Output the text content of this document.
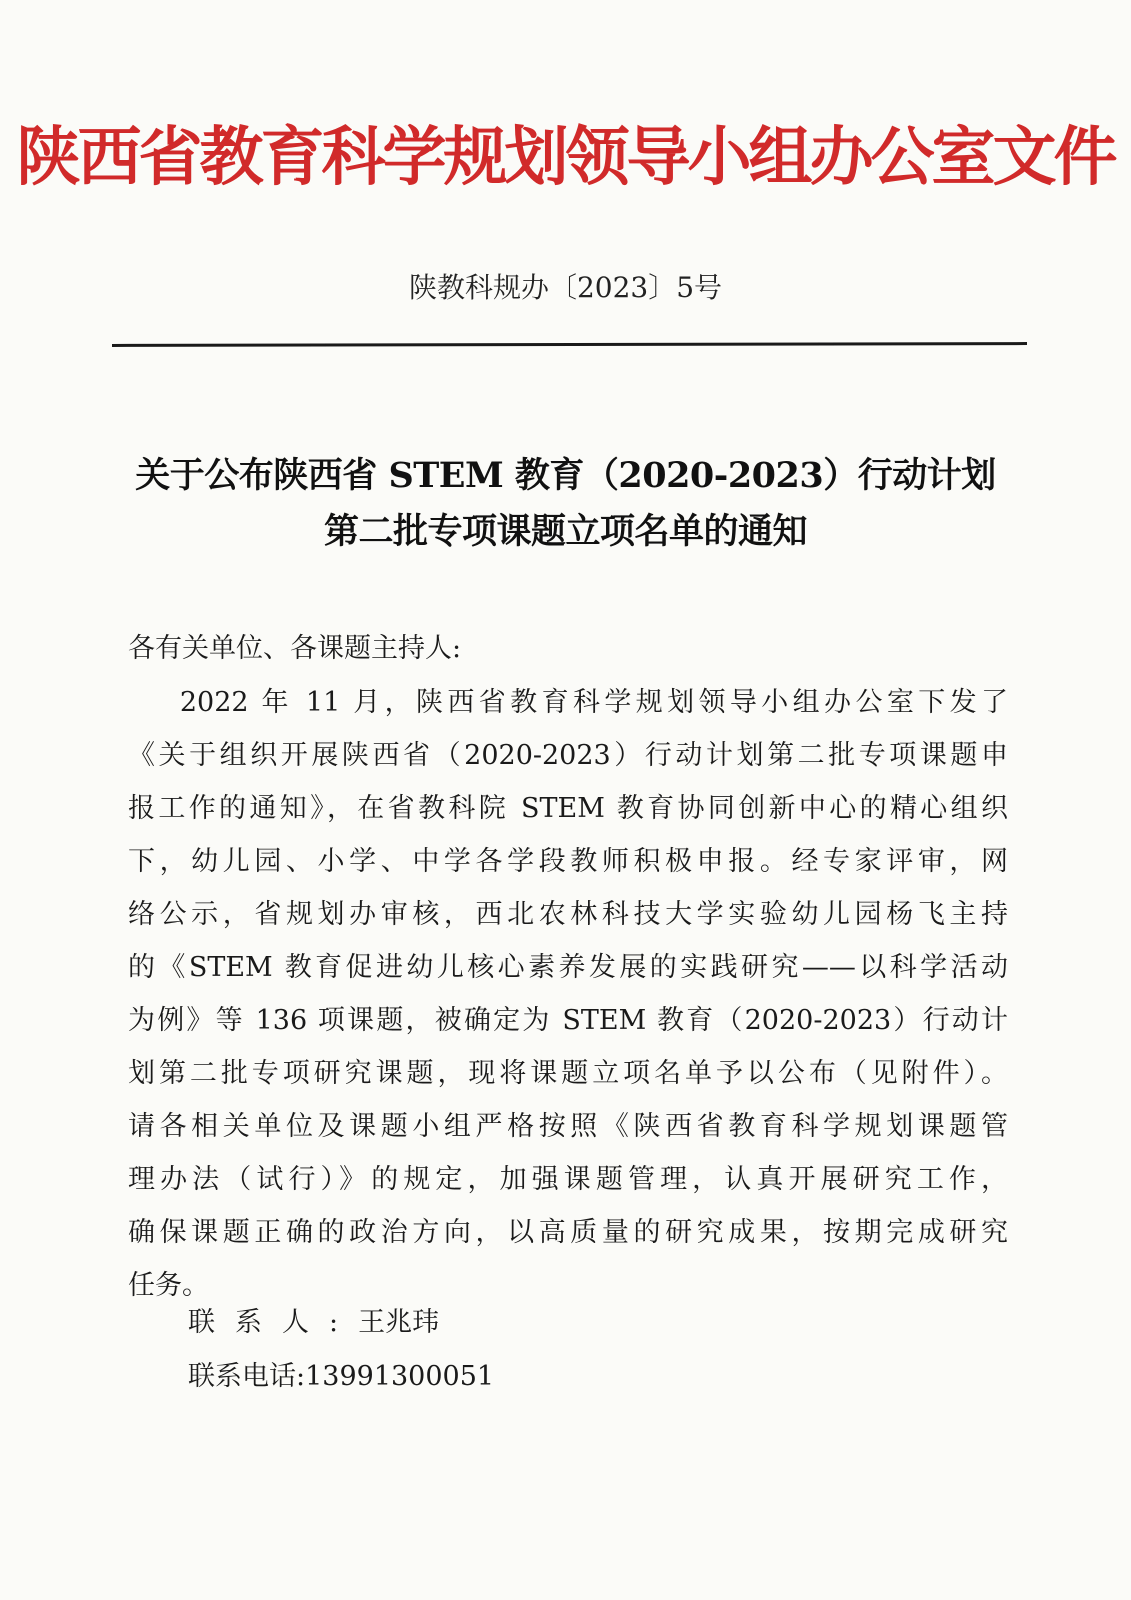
陕西省教育科学规划领导小组办公室文件
陕教科规办〔2023〕5号
关于公布陕西省 STEM 教育（2020-2023）行动计划
第二批专项课题立项名单的通知
各有关单位、各课题主持人:
2022 年 11 月，陕西省教育科学规划领导小组办公室下发了
《关于组织开展陕西省（2020-2023）行动计划第二批专项课题申
报工作的通知》，在省教科院 STEM 教育协同创新中心的精心组织
下，幼儿园、小学、中学各学段教师积极申报。经专家评审，网
络公示，省规划办审核，西北农林科技大学实验幼儿园杨飞主持
的《STEM 教育促进幼儿核心素养发展的实践研究——以科学活动
为例》等 136 项课题，被确定为 STEM 教育（2020-2023）行动计
划第二批专项研究课题，现将课题立项名单予以公布（见附件）。
请各相关单位及课题小组严格按照《陕西省教育科学规划课题管
理办法（试行）》的规定，加强课题管理，认真开展研究工作，
确保课题正确的政治方向，以高质量的研究成果，按期完成研究
任务。
联系人:王兆玮
联系电话:13991300051
